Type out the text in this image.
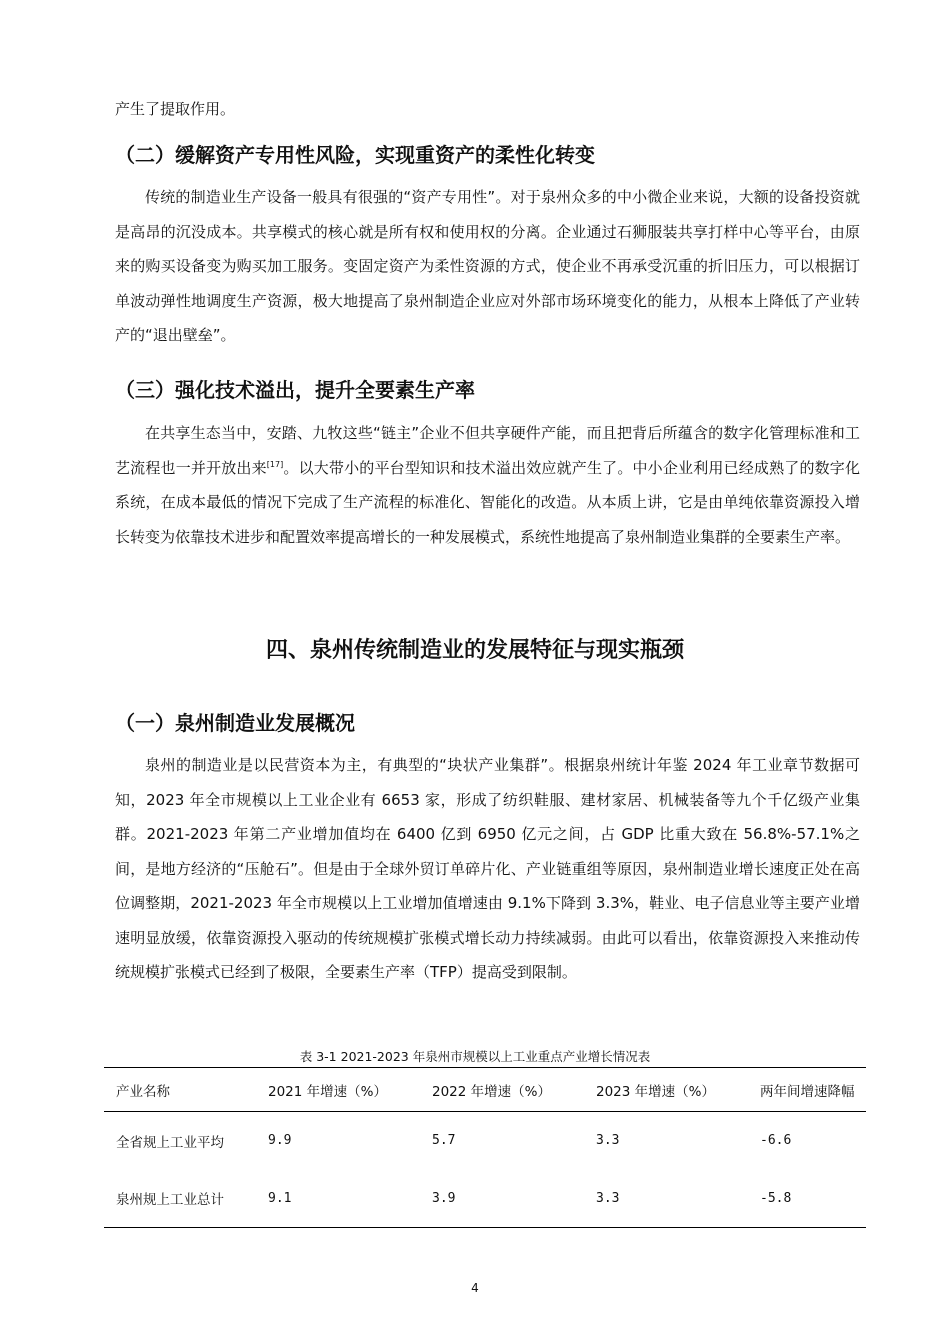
产生了提取作用。
（二）缓解资产专用性风险，实现重资产的柔性化转变
传统的制造业生产设备一般具有很强的“资产专用性”。对于泉州众多的中小微企业来说，大额的设备投资就是高昂的沉没成本。共享模式的核心就是所有权和使用权的分离。企业通过石狮服装共享打样中心等平台，由原来的购买设备变为购买加工服务。变固定资产为柔性资源的方式，使企业不再承受沉重的折旧压力，可以根据订单波动弹性地调度生产资源，极大地提高了泉州制造企业应对外部市场环境变化的能力，从根本上降低了产业转产的“退出壁垒”。
（三）强化技术溢出，提升全要素生产率
在共享生态当中，安踏、九牧这些“链主”企业不但共享硬件产能，而且把背后所蕴含的数字化管理标准和工艺流程也一并开放出来[17]。以大带小的平台型知识和技术溢出效应就产生了。中小企业利用已经成熟了的数字化系统，在成本最低的情况下完成了生产流程的标准化、智能化的改造。从本质上讲，它是由单纯依靠资源投入增长转变为依靠技术进步和配置效率提高增长的一种发展模式，系统性地提高了泉州制造业集群的全要素生产率。
四、泉州传统制造业的发展特征与现实瓶颈
（一）泉州制造业发展概况
泉州的制造业是以民营资本为主，有典型的“块状产业集群”。根据泉州统计年鉴 2024 年工业章节数据可知，2023 年全市规模以上工业企业有 6653 家，形成了纺织鞋服、建材家居、机械装备等九个千亿级产业集群。2021-2023 年第二产业增加值均在 6400 亿到 6950 亿元之间，占 GDP 比重大致在 56.8%-57.1%之间，是地方经济的“压舱石”。但是由于全球外贸订单碎片化、产业链重组等原因，泉州制造业增长速度正处在高位调整期，2021-2023 年全市规模以上工业增加值增速由 9.1%下降到 3.3%，鞋业、电子信息业等主要产业增速明显放缓，依靠资源投入驱动的传统规模扩张模式增长动力持续减弱。由此可以看出，依靠资源投入来推动传统规模扩张模式已经到了极限，全要素生产率（TFP）提高受到限制。
表 3-1 2021-2023 年泉州市规模以上工业重点产业增长情况表
产业名称	2021 年增速（%）	2022 年增速（%）	2023 年增速（%）	两年间增速降幅
全省规上工业平均	9.9	5.7	3.3	-6.6
泉州规上工业总计	9.1	3.9	3.3	-5.8
4
